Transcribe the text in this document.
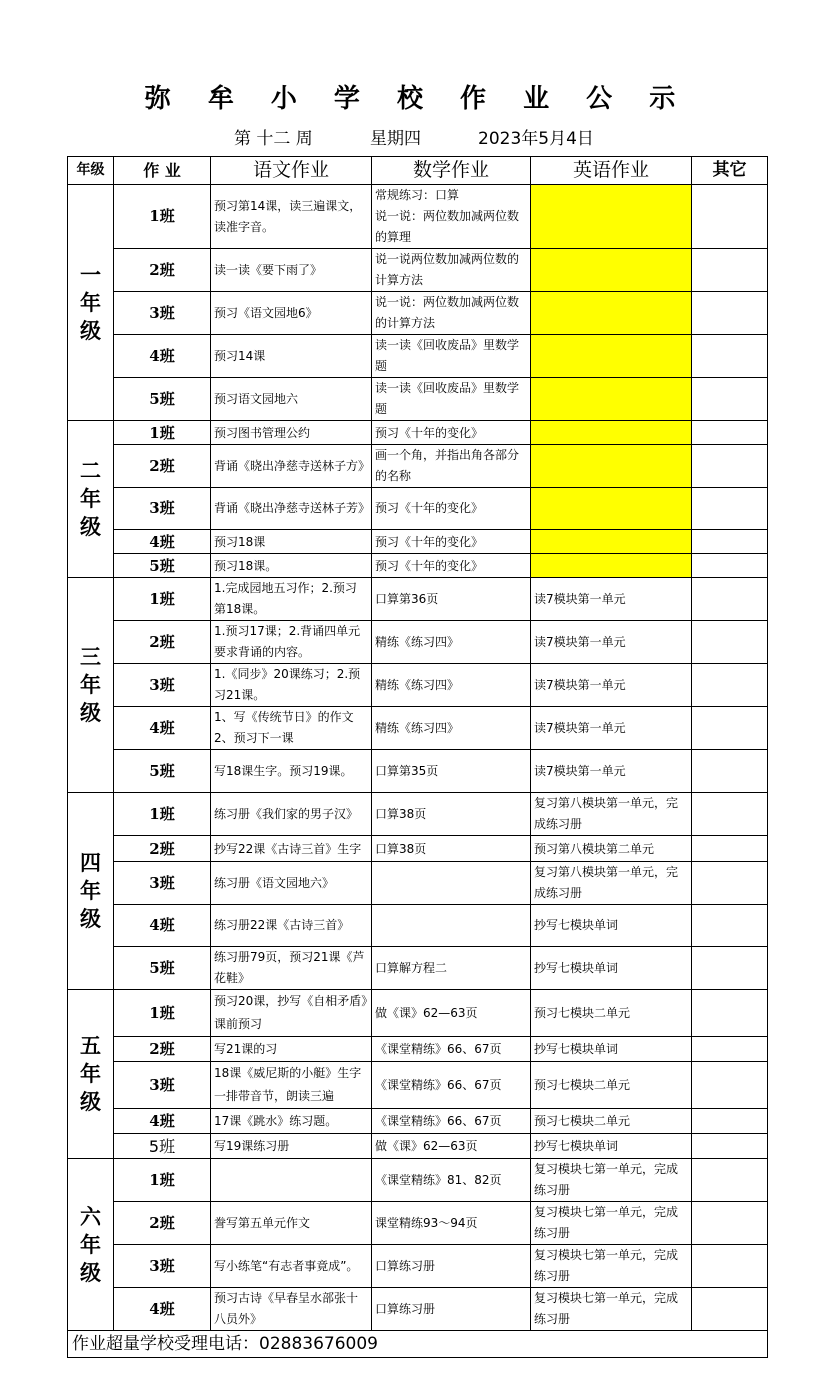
弥 牟 小 学 校 作 业 公 示
第 十二 周	星期四	2023年5月4日
年级	作 业	语文作业	数学作业	英语作业	其它

一年级	1班	预习第14课，读三遍课文，读准字音。	常规练习：口算
说一说：两位数加减两位数的算理		
	2班	读一读《要下雨了》	说一说两位数加减两位数的计算方法		
	3班	预习《语文园地6》	说一说：两位数加减两位数的计算方法		
	4班	预习14课	读一读《回收废品》里数学题		
	5班	预习语文园地六	读一读《回收废品》里数学题		

二年级	1班	预习图书管理公约	预习《十年的变化》		
	2班	背诵《晓出净慈寺送林子方》	画一个角，并指出角各部分的名称		
	3班	背诵《晓出净慈寺送林子芳》	预习《十年的变化》		
	4班	预习18课	预习《十年的变化》		
	5班	预习18课。	预习《十年的变化》		

三年级	1班	1.完成园地五习作；2.预习第18课。	口算第36页	读7模块第一单元	
	2班	1.预习17课；2.背诵四单元要求背诵的内容。	精练《练习四》	读7模块第一单元	
	3班	1.《同步》20课练习；2.预习21课。	精练《练习四》	读7模块第一单元	
	4班	1、写《传统节日》的作文2、预习下一课	精练《练习四》	读7模块第一单元	
	5班	写18课生字。预习19课。	口算第35页	读7模块第一单元	

四年级	1班	练习册《我们家的男子汉》	口算38页	复习第八模块第一单元，完成练习册	
	2班	抄写22课《古诗三首》生字	口算38页	预习第八模块第二单元	
	3班	练习册《语文园地六》		复习第八模块第一单元，完成练习册	
	4班	练习册22课《古诗三首》		抄写七模块单词	
	5班	练习册79页，预习21课《芦花鞋》	口算解方程二	抄写七模块单词	

五年级	1班	预习20课，抄写《自相矛盾》课前预习	做《课》62—63页	预习七模块二单元	
	2班	写21课的习	《课堂精练》66、67页	抄写七模块单词	
	3班	18课《威尼斯的小艇》生字一排带音节，朗读三遍	《课堂精练》66、67页	预习七模块二单元	
	4班	17课《跳水》练习题。	《课堂精练》66、67页	预习七模块二单元	
	5班	写19课练习册	做《课》62—63页	抄写七模块单词	

六年级	1班		《课堂精练》81、82页	复习模块七第一单元，完成练习册	
	2班	誊写第五单元作文	课堂精练93～94页	复习模块七第一单元，完成练习册	
	3班	写小练笔“有志者事竟成”。	口算练习册	复习模块七第一单元，完成练习册	
	4班	预习古诗《早春呈水部张十八员外》	口算练习册	复习模块七第一单元，完成练习册	
作业超量学校受理电话：02883676009					
